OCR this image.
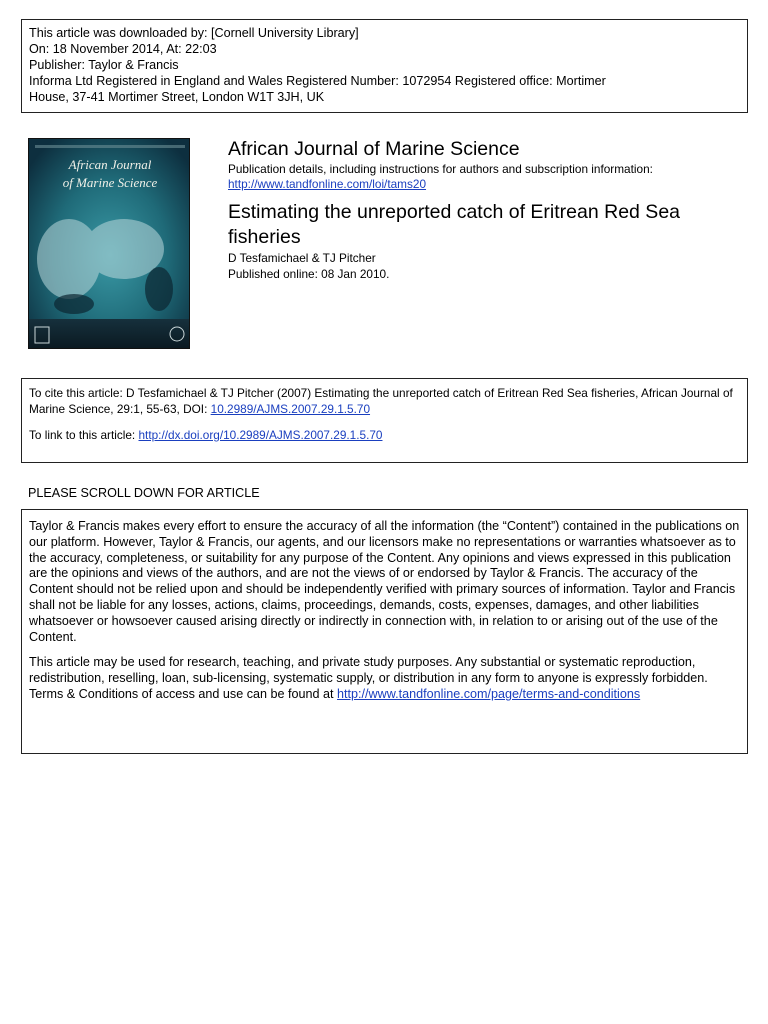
This article was downloaded by: [Cornell University Library]

On: 18 November 2014, At: 22:03

Publisher: Taylor & Francis

Informa Ltd Registered in England and Wales Registered Number: 1072954 Registered office: Mortimer

House, 37-41 Mortimer Street, London W1T 3JH, UK

African Journal
of Marine Science
African Journal of Marine Science
Publication details, including instructions for authors and subscription information:
http://www.tandfonline.com/loi/tams20
Estimating the unreported catch of Eritrean Red Sea fisheries
D Tesfamichael & TJ Pitcher
Published online: 08 Jan 2010.

To cite this article: D Tesfamichael & TJ Pitcher (2007) Estimating the unreported catch of Eritrean Red Sea fisheries, African Journal of Marine Science, 29:1, 55-63, DOI: 10.2989/AJMS.2007.29.1.5.70

To link to this article: http://dx.doi.org/10.2989/AJMS.2007.29.1.5.70

PLEASE SCROLL DOWN FOR ARTICLE

Taylor & Francis makes every effort to ensure the accuracy of all the information (the “Content”) contained in the publications on our platform. However, Taylor & Francis, our agents, and our licensors make no representations or warranties whatsoever as to the accuracy, completeness, or suitability for any purpose of the Content. Any opinions and views expressed in this publication are the opinions and views of the authors, and are not the views of or endorsed by Taylor & Francis. The accuracy of the Content should not be relied upon and should be independently verified with primary sources of information. Taylor and Francis shall not be liable for any losses, actions, claims, proceedings, demands, costs, expenses, damages, and other liabilities whatsoever or howsoever caused arising directly or indirectly in connection with, in relation to or arising out of the use of the Content.

This article may be used for research, teaching, and private study purposes. Any substantial or systematic reproduction, redistribution, reselling, loan, sub-licensing, systematic supply, or distribution in any form to anyone is expressly forbidden. Terms & Conditions of access and use can be found at http://www.tandfonline.com/page/terms-and-conditions
